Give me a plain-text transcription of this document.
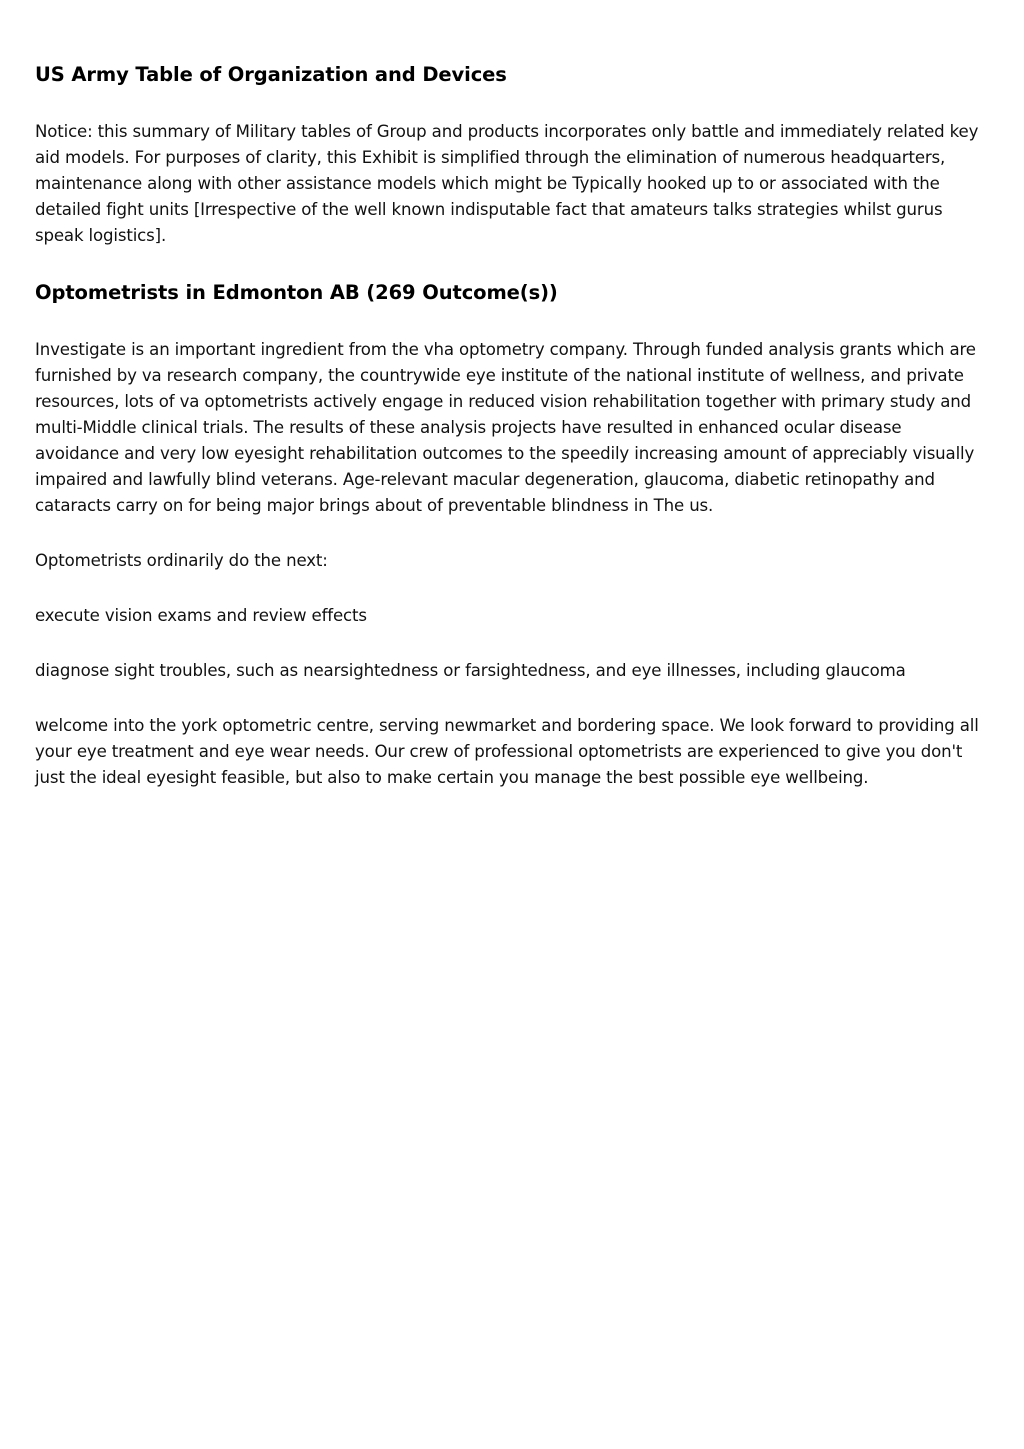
US Army Table of Organization and Devices

Notice: this summary of Military tables of Group and products incorporates only battle and immediately related key aid models. For purposes of clarity, this Exhibit is simplified through the elimination of numerous headquarters, maintenance along with other assistance models which might be Typically hooked up to or associated with the detailed fight units [Irrespective of the well known indisputable fact that amateurs talks strategies whilst gurus speak logistics].

Optometrists in Edmonton AB (269 Outcome(s))

Investigate is an important ingredient from the vha optometry company. Through funded analysis grants which are furnished by va research company, the countrywide eye institute of the national institute of wellness, and private resources, lots of va optometrists actively engage in reduced vision rehabilitation together with primary study and multi-Middle clinical trials. The results of these analysis projects have resulted in enhanced ocular disease avoidance and very low eyesight rehabilitation outcomes to the speedily increasing amount of appreciably visually impaired and lawfully blind veterans. Age-relevant macular degeneration, glaucoma, diabetic retinopathy and cataracts carry on for being major brings about of preventable blindness in The us.

Optometrists ordinarily do the next:

execute vision exams and review effects

diagnose sight troubles, such as nearsightedness or farsightedness, and eye illnesses, including glaucoma

welcome into the york optometric centre, serving newmarket and bordering space. We look forward to providing all your eye treatment and eye wear needs. Our crew of professional optometrists are experienced to give you don't just the ideal eyesight feasible, but also to make certain you manage the best possible eye wellbeing.
